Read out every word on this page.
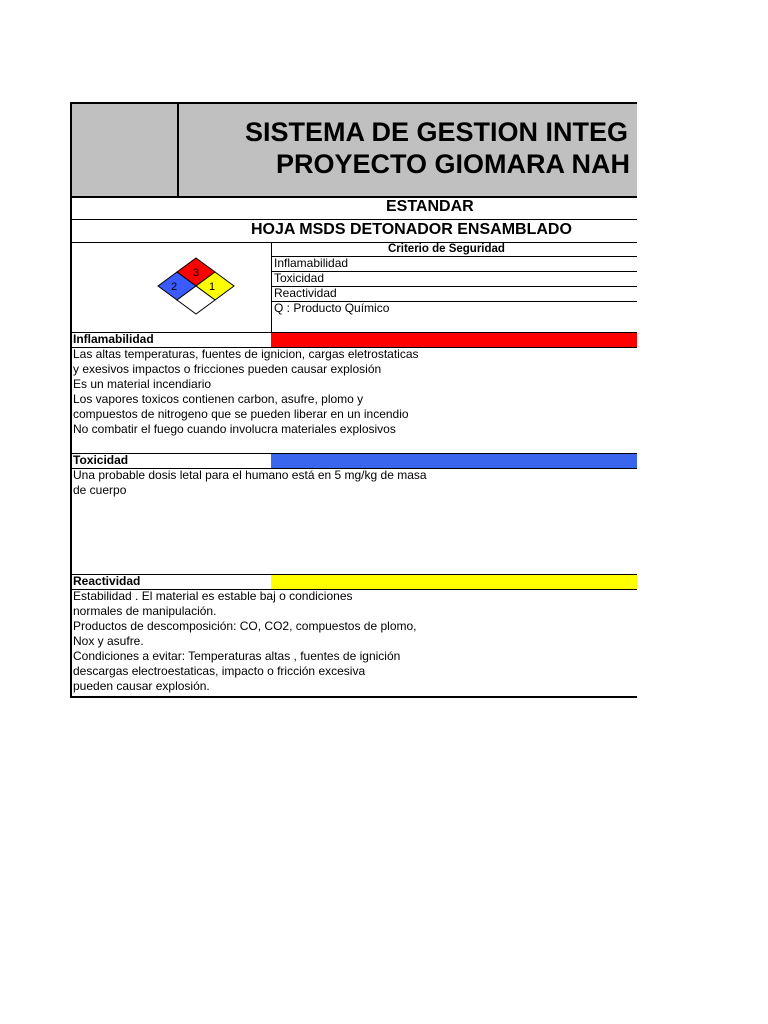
SISTEMA DE GESTION INTEG
PROYECTO GIOMARA NAH
ESTANDAR
HOJA MSDS DETONADOR ENSAMBLADO
Criterio de Seguridad
Inflamabilidad
Toxicidad
Reactividad
Q : Producto Químico
3
2	1
Inflamabilidad
Las altas temperaturas, fuentes de ignicion, cargas eletrostaticas
y exesivos impactos o fricciones pueden causar explosión
Es un material incendiario
Los vapores toxicos contienen carbon, asufre, plomo y
compuestos de nitrogeno que se pueden liberar en un incendio
No combatir el fuego cuando involucra materiales explosivos
Toxicidad
Una probable dosis letal para el humano está en 5 mg/kg de masa
de cuerpo
Reactividad
Estabilidad . El material es estable baj o condiciones
normales de manipulación.
Productos de descomposición: CO, CO2, compuestos de plomo,
Nox y asufre.
Condiciones a evitar: Temperaturas altas , fuentes de ignición
descargas electroestaticas, impacto o fricción excesiva
pueden causar explosión.
